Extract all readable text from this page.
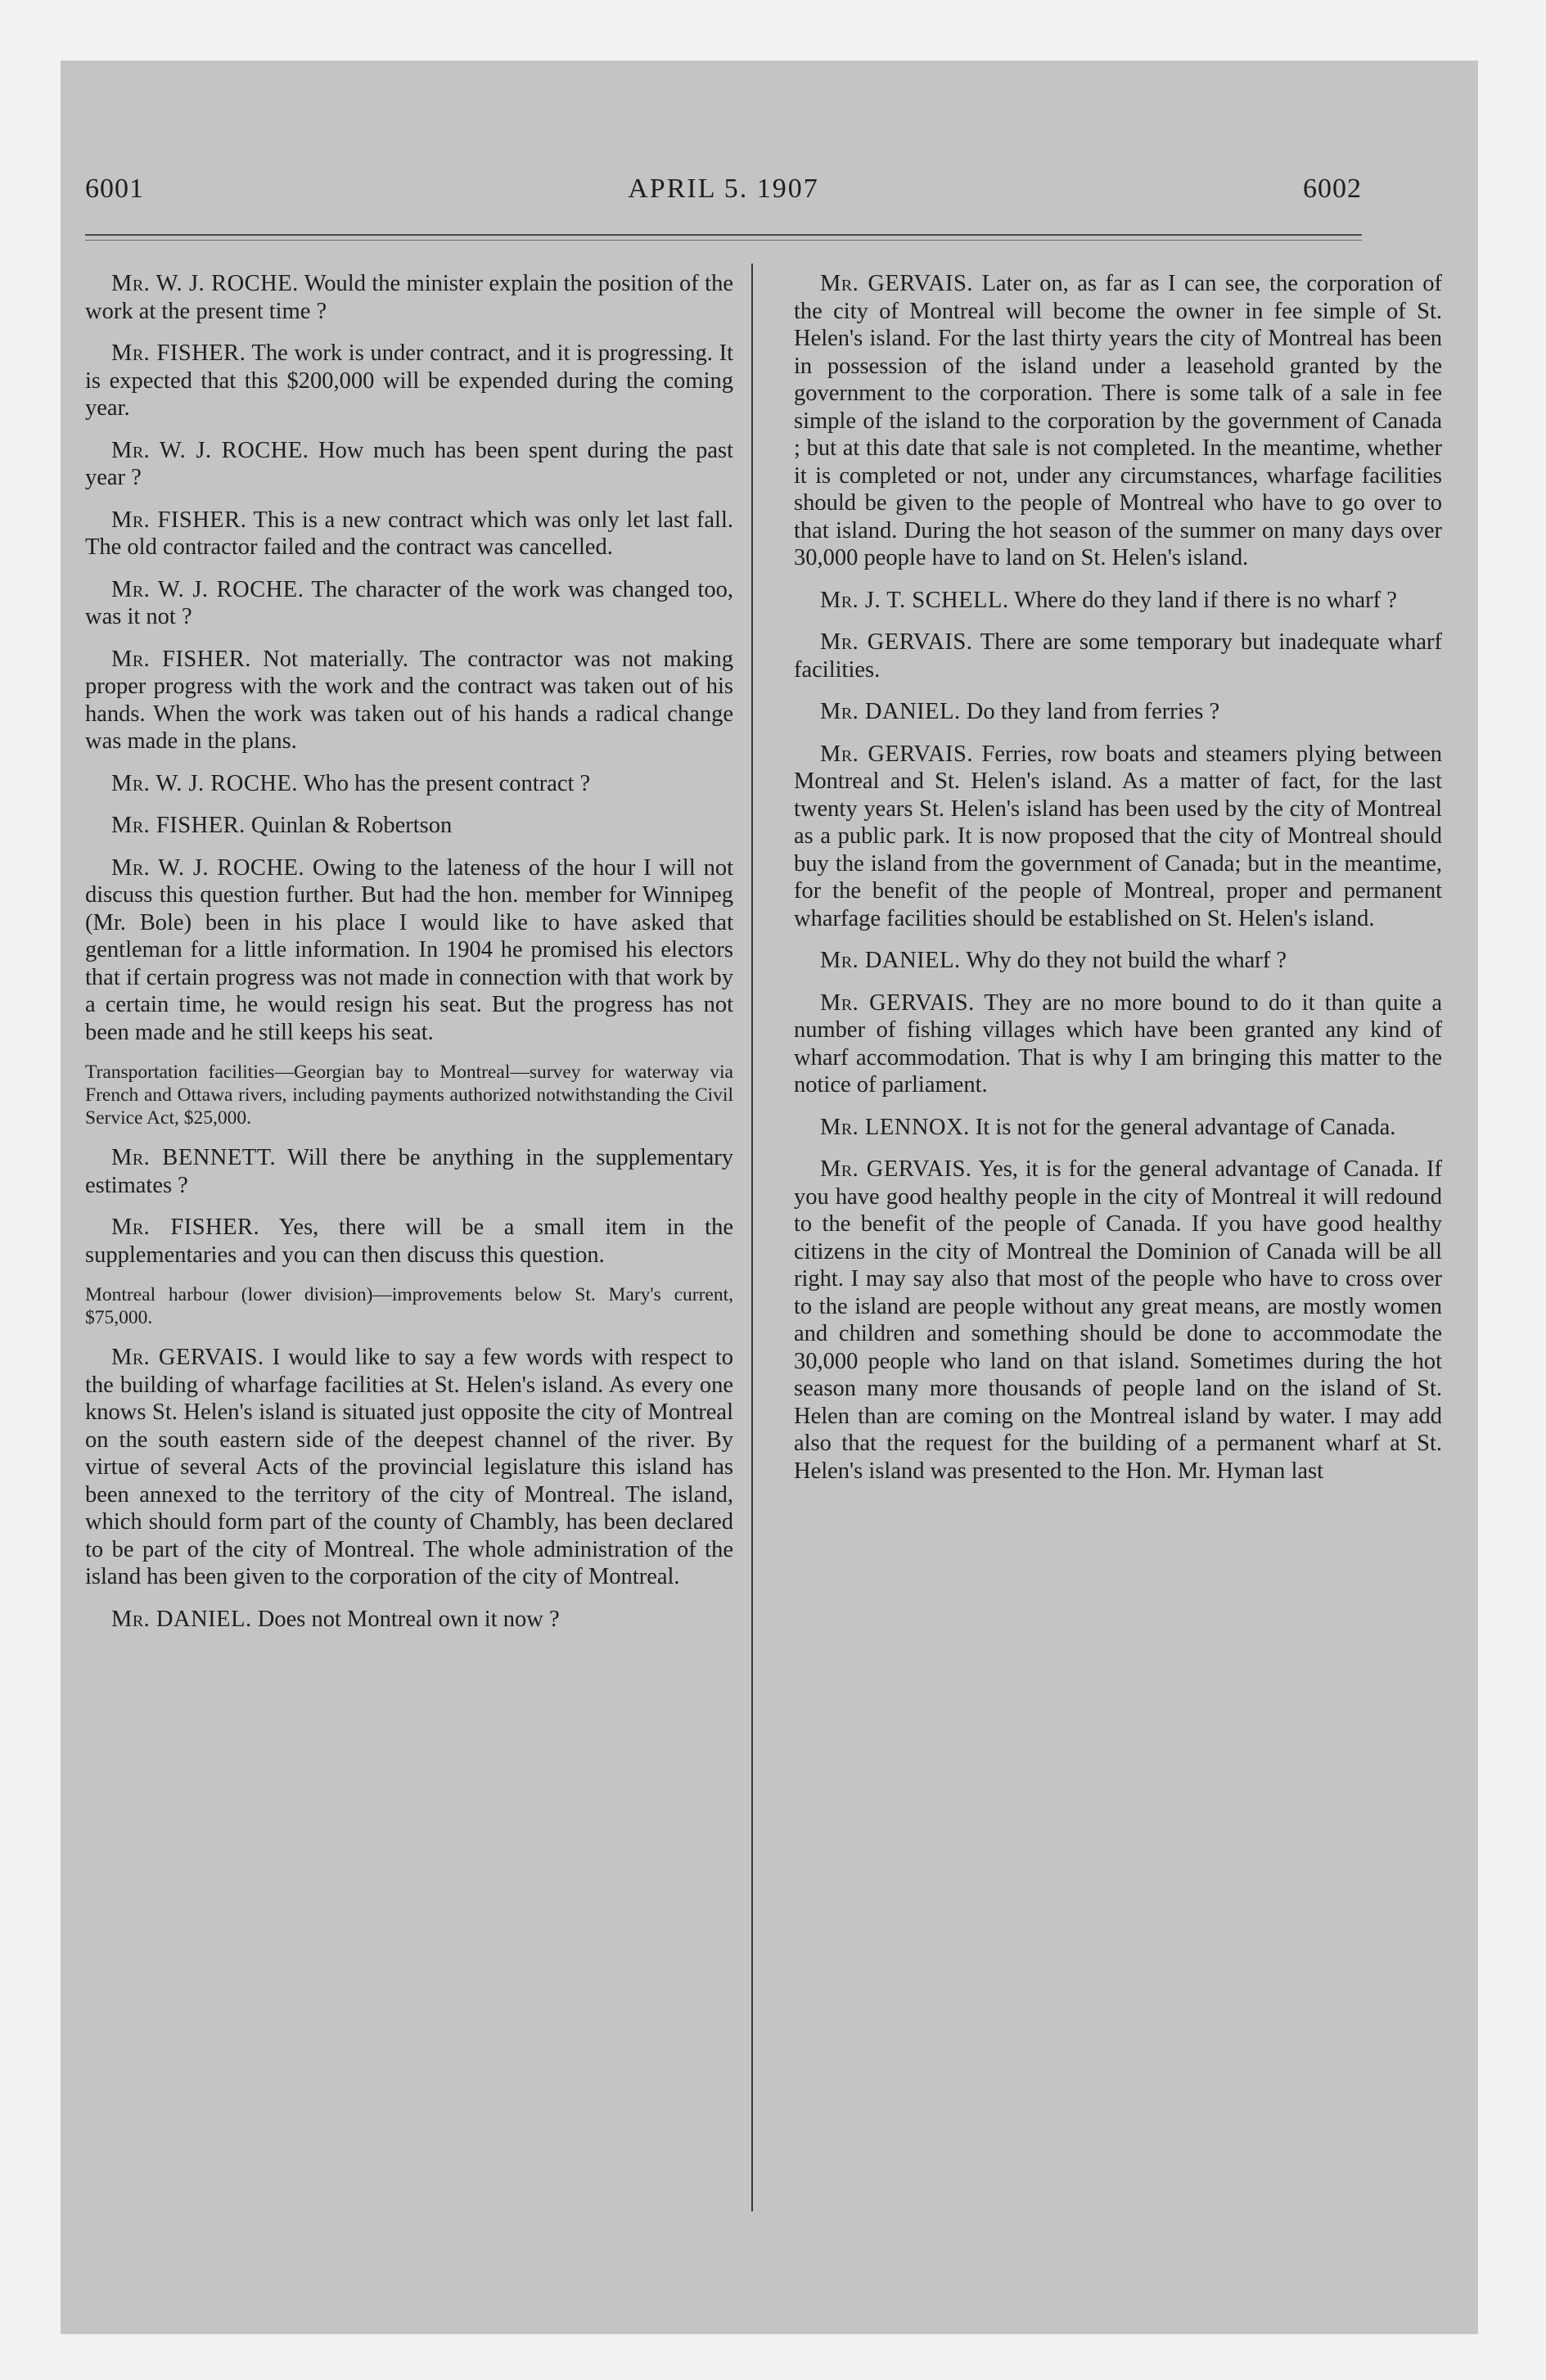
6001	APRIL 5. 1907	6002

Mr. W. J. ROCHE. Would the minister explain the position of the work at the present time ?

Mr. FISHER. The work is under contract, and it is progressing. It is expected that this $200,000 will be expended during the coming year.

Mr. W. J. ROCHE. How much has been spent during the past year ?

Mr. FISHER. This is a new contract which was only let last fall. The old contractor failed and the contract was cancelled.

Mr. W. J. ROCHE. The character of the work was changed too, was it not ?

Mr. FISHER. Not materially. The contractor was not making proper progress with the work and the contract was taken out of his hands. When the work was taken out of his hands a radical change was made in the plans.

Mr. W. J. ROCHE. Who has the present contract ?

Mr. FISHER. Quinlan & Robertson

Mr. W. J. ROCHE. Owing to the lateness of the hour I will not discuss this question further. But had the hon. member for Winnipeg (Mr. Bole) been in his place I would like to have asked that gentleman for a little information. In 1904 he promised his electors that if certain progress was not made in connection with that work by a certain time, he would resign his seat. But the progress has not been made and he still keeps his seat.

Transportation facilities—Georgian bay to Montreal—survey for waterway via French and Ottawa rivers, including payments authorized notwithstanding the Civil Service Act, $25,000.

Mr. BENNETT. Will there be anything in the supplementary estimates ?

Mr. FISHER. Yes, there will be a small item in the supplementaries and you can then discuss this question.

Montreal harbour (lower division)—improvements below St. Mary's current, $75,000.

Mr. GERVAIS. I would like to say a few words with respect to the building of wharfage facilities at St. Helen's island. As every one knows St. Helen's island is situated just opposite the city of Montreal on the south eastern side of the deepest channel of the river. By virtue of several Acts of the provincial legislature this island has been annexed to the territory of the city of Montreal. The island, which should form part of the county of Chambly, has been declared to be part of the city of Montreal. The whole administration of the island has been given to the corporation of the city of Montreal.

Mr. DANIEL. Does not Montreal own it now ?

Mr. GERVAIS. Later on, as far as I can see, the corporation of the city of Montreal will become the owner in fee simple of St. Helen's island. For the last thirty years the city of Montreal has been in possession of the island under a leasehold granted by the government to the corporation. There is some talk of a sale in fee simple of the island to the corporation by the government of Canada ; but at this date that sale is not completed. In the meantime, whether it is completed or not, under any circumstances, wharfage facilities should be given to the people of Montreal who have to go over to that island. During the hot season of the summer on many days over 30,000 people have to land on St. Helen's island.

Mr. J. T. SCHELL. Where do they land if there is no wharf ?

Mr. GERVAIS. There are some temporary but inadequate wharf facilities.

Mr. DANIEL. Do they land from ferries ?

Mr. GERVAIS. Ferries, row boats and steamers plying between Montreal and St. Helen's island. As a matter of fact, for the last twenty years St. Helen's island has been used by the city of Montreal as a public park. It is now proposed that the city of Montreal should buy the island from the government of Canada; but in the meantime, for the benefit of the people of Montreal, proper and permanent wharfage facilities should be established on St. Helen's island.

Mr. DANIEL. Why do they not build the wharf ?

Mr. GERVAIS. They are no more bound to do it than quite a number of fishing villages which have been granted any kind of wharf accommodation. That is why I am bringing this matter to the notice of parliament.

Mr. LENNOX. It is not for the general advantage of Canada.

Mr. GERVAIS. Yes, it is for the general advantage of Canada. If you have good healthy people in the city of Montreal it will redound to the benefit of the people of Canada. If you have good healthy citizens in the city of Montreal the Dominion of Canada will be all right. I may say also that most of the people who have to cross over to the island are people without any great means, are mostly women and children and something should be done to accommodate the 30,000 people who land on that island. Sometimes during the hot season many more thousands of people land on the island of St. Helen than are coming on the Montreal island by water. I may add also that the request for the building of a permanent wharf at St. Helen's island was presented to the Hon. Mr. Hyman last
